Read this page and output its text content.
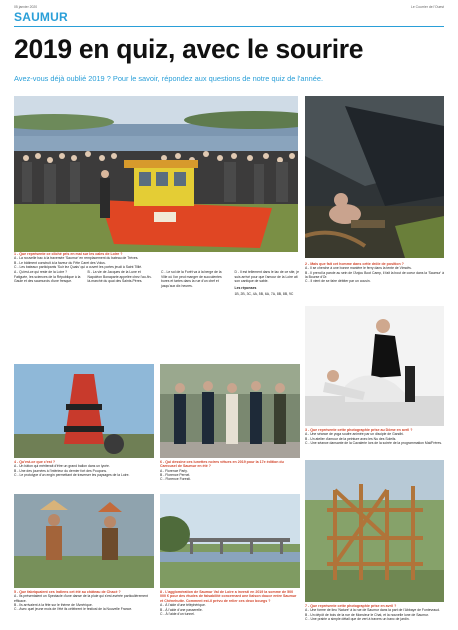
05 janvier 2020	Le Courrier de l'Ouest
SAUMUR
2019 en quiz, avec le sourire
Avez-vous déjà oublié 2019 ? Pour le savoir, répondez aux questions de notre quiz de l'année.
1 - Que représente ce cliché pris en mai sur les cales de Loire ?
A - La nouvelle bac à la traversée 'Saumur' en remplacement du bateau de Trèves.
B - Le bâtiment construit à la faveur du Fête Caret des Volus.
C - Les bateaux participants 'Suir lez Quais' qui a ouvert les portes jeudi à Saint Tillié.
2 - Mais que fait cet homme dans cette drôle de position ?
A - Il se cherche à une bonne manière le ferry dans la tente de Vimoës.
B - Il prend la parole au sein de l'Anjou Boot Camp, il fait la bout de coeur dans la 'Saumur' à la Bourse d'Or.
C - Il vient de se faire débiter par un cousin.

A - Qu'est-ce qui reste de la Loire ? Fatiguée, les sciences de la République à la Gaule et des saumurois d'une fresque.

B - La vie de Jacques de la Lune et Napoléon Bonaparte appelée chez l'au-fin-là-marché du quai des Saints-Pères.

C - Le sol de la Forêt va à la berge de la Ville où l'on peut manger de succulentes bures et tartes dans la rue d'un chef et jusqu'aux dix heures.

D - Il est tellement dans le lac de ce site, je suis arrivé pour que l'amour de la Loire ait son cantique de sable.

Les réponses

1B, 2B, 3C, 4A, 5B, 6A, 7A, 8B, 8B, 9C

3 - Que représente cette photographie prise au Dôme en avril ?
A - Une séance de yoga soufre animée par un disciple de Gandhi.
B - Un atelier d'amour de la peinture avec les Nu des Soleils.
C - Une séance dansante de la Cavalerie lors de la soirée de la programmation Mai/Frères.
4 - Qu'est-ce que c'est ?
A - Un bâton qui mériterait d'être un grand ballon dans un lycée.
B - Une des journées à l'intérieur du dernier fort des Poupons.
C - Le prototype d'un engin permettant de traverser les paysages de la Loire.
6 - Qui dessine ces lunettes noires vêtues en 2019 pour la 17e édition du Carrousel de Saumur en été ?
A - Florence Parly.
B - Florence Pernel.
C - Florence Foresti.
5 - Que fabriquaient ces Indiens cet été au château de Chacé ?
A - Ils présentaient un Spectacle d'une danse de la pluie qui s'est avérée particulièrement efficace.
B - Ils arrivaient à la fête sur le thème de l'Amérique.
C - Avec quel jeune mois de l'été ils célèbrent le festival de la Nouvelle France.
8 - L'agglomération de Saumur Val de Loire a investi en 2019 la somme de 500 000 € pour des études de faisabilité concernant une liaison douce entre Saumur et Chênehutte. Comment est-il prévu de relier ces deux bourgs ?
A - À l'aide d'une téléphérique.
B - À l'aide d'une passerelle.
C - À l'aide d'un tunnel.
7 - Que représente cette photographie prise en avril ?
A - Une forme de lieu 'Nature' à la rue de Saumur dans la part de l'Abbaye de Fontevraud.
B - Un dépôt de bois de la rue de Monsieur le Chat, et la nouvelle lune de Saumur.
C - Une prairie a simple détail que de vert à travers un banc de jardin.
